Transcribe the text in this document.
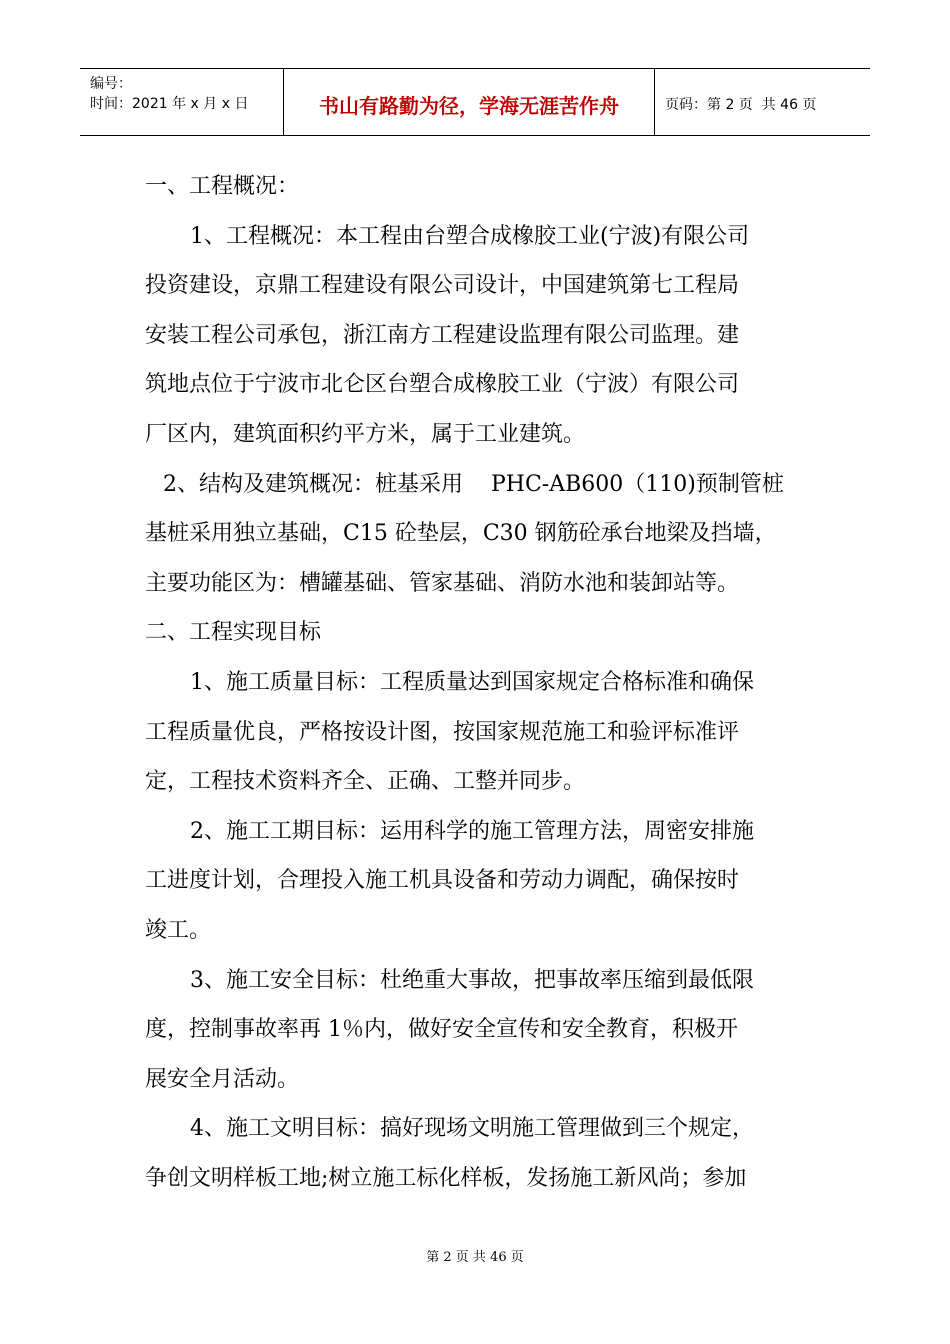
编号：
时间：2021 年 x 月 x 日	书山有路勤为径，学海无涯苦作舟	页码：第 2 页  共 46 页

一、工程概况：

1、工程概况：本工程由台塑合成橡胶工业(宁波)有限公司

投资建设，京鼎工程建设有限公司设计，中国建筑第七工程局

安装工程公司承包，浙江南方工程建设监理有限公司监理。建

筑地点位于宁波市北仑区台塑合成橡胶工业（宁波）有限公司

厂区内，建筑面积约平方米，属于工业建筑。

2、结构及建筑概况：桩基采用    PHC-AB600（110)预制管桩

基桩采用独立基础，C15 砼垫层，C30 钢筋砼承台地梁及挡墙，

主要功能区为：槽罐基础、管家基础、消防水池和装卸站等。

二、工程实现目标

1、施工质量目标：工程质量达到国家规定合格标准和确保

工程质量优良，严格按设计图，按国家规范施工和验评标准评

定，工程技术资料齐全、正确、工整并同步。

2、施工工期目标：运用科学的施工管理方法，周密安排施

工进度计划，合理投入施工机具设备和劳动力调配，确保按时

竣工。

3、施工安全目标：杜绝重大事故，把事故率压缩到最低限

度，控制事故率再 1％内，做好安全宣传和安全教育，积极开

展安全月活动。

4、施工文明目标：搞好现场文明施工管理做到三个规定，

争创文明样板工地;树立施工标化样板，发扬施工新风尚；参加

第 2 页 共 46 页
